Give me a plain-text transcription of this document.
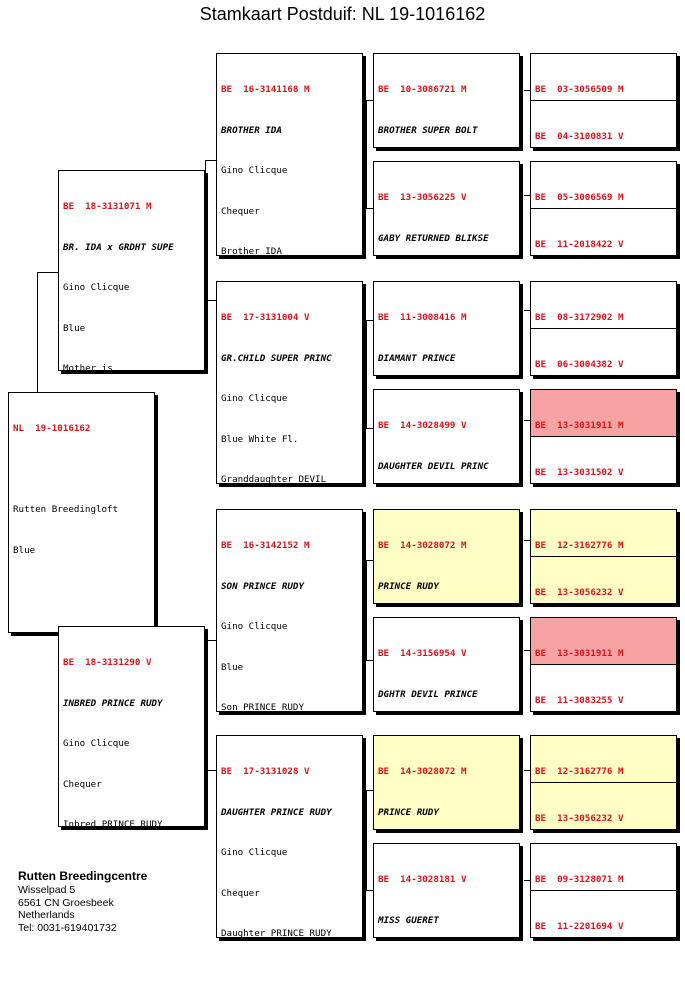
Stamkaart Postduif: NL 19-1016162

NL  19-1016162

Rutten Breedingloft

Blue

BE  18-3131071 M

BR. IDA x GRDHT SUPE

Gino Clicque

Blue

Mother is

BE  18-3131290 V

INBRED PRINCE RUDY

Gino Clicque

Chequer

Inbred PRINCE RUDY

BE  16-3141168 M

BROTHER IDA

Gino Clicque

Chequer

Brother IDA

BE  17-3131004 V

GR.CHILD SUPER PRINC

Gino Clicque

Blue White Fl.

Granddaughter DEVIL

BE  16-3142152 M

SON PRINCE RUDY

Gino Clicque

Blue

Son PRINCE RUDY

BE  17-3131028 V

DAUGHTER PRINCE RUDY

Gino Clicque

Chequer

Daughter PRINCE RUDY

BE  10-3086721 M

BROTHER SUPER BOLT

BE  13-3056225 V

GABY RETURNED BLIKSE

BE  11-3008416 M

DIAMANT PRINCE

BE  14-3028499 V

DAUGHTER DEVIL PRINC

BE  14-3028072 M

PRINCE RUDY

BE  14-3156954 V

DGHTR DEVIL PRINCE

BE  14-3028072 M

PRINCE RUDY

BE  14-3028181 V

MISS GUERET

BE  03-3056509 M

BE  04-3100831 V

BE  05-3006569 M

BE  11-2018422 V

BE  08-3172902 M

BE  06-3004382 V

BE  13-3031911 M

BE  13-3031502 V

BE  12-3162776 M

BE  13-3056232 V

BE  13-3031911 M

BE  11-3083255 V

BE  12-3162776 M

BE  13-3056232 V

BE  09-3128071 M

BE  11-2201694 V

Rutten Breedingcentre
Wisselpad 5
6561 CN Groesbeek
Netherlands
Tel: 0031-619401732
